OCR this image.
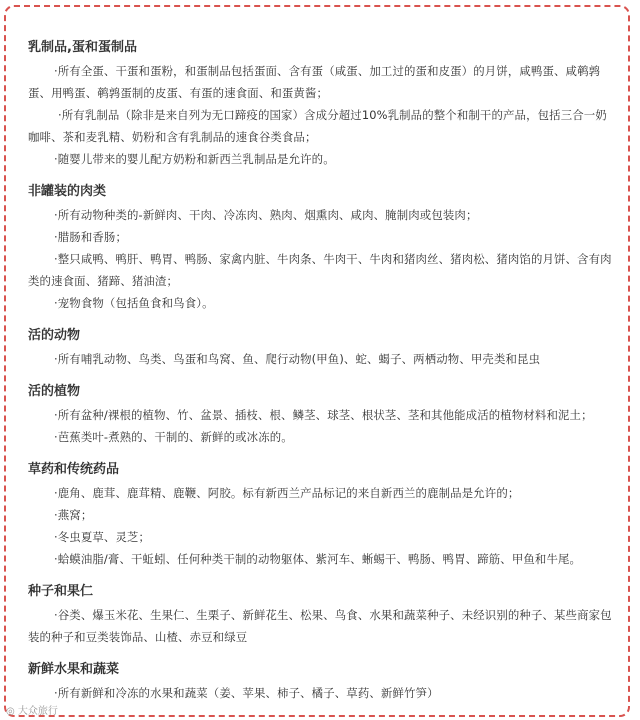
乳制品,蛋和蛋制品
·所有全蛋、干蛋和蛋粉，和蛋制品包括蛋面、含有蛋（咸蛋、加工过的蛋和皮蛋）的月饼，咸鸭蛋、咸鹌鹑蛋、用鸭蛋、鹌鹑蛋制的皮蛋、有蛋的速食面、和蛋黄酱；
·所有乳制品（除非是来自列为无口蹄疫的国家）含成分超过10%乳制品的整个和制干的产品，包括三合一奶咖啡、茶和麦乳精、奶粉和含有乳制品的速食谷类食品；
·随婴儿带来的婴儿配方奶粉和新西兰乳制品是允许的。
非罐装的肉类
·所有动物种类的-新鲜肉、干肉、冷冻肉、熟肉、烟熏肉、咸肉、腌制肉或包装肉；
·腊肠和香肠；
·整只咸鸭、鸭肝、鸭胃、鸭肠、家禽内脏、牛肉条、牛肉干、牛肉和猪肉丝、猪肉松、猪肉馅的月饼、含有肉类的速食面、猪蹄、猪油渣；
·宠物食物（包括鱼食和鸟食）。
活的动物
·所有哺乳动物、鸟类、鸟蛋和鸟窝、鱼、爬行动物(甲鱼)、蛇、蝎子、两栖动物、甲壳类和昆虫
活的植物
·所有盆种/裸根的植物、竹、盆景、插枝、根、鳞茎、球茎、根状茎、茎和其他能成活的植物材料和泥土；
·芭蕉类叶-煮熟的、干制的、新鲜的或冰冻的。
草药和传统药品
·鹿角、鹿茸、鹿茸精、鹿鞭、阿胶。标有新西兰产品标记的来自新西兰的鹿制品是允许的；
·燕窝；
·冬虫夏草、灵芝；
·蛤蟆油脂/膏、干蚯蚓、任何种类干制的动物躯体、紫河车、蜥蜴干、鸭肠、鸭胃、蹄筋、甲鱼和牛尾。
种子和果仁
·谷类、爆玉米花、生果仁、生栗子、新鲜花生、松果、鸟食、水果和蔬菜种子、未经识别的种子、某些商家包装的种子和豆类装饰品、山楂、赤豆和绿豆
新鲜水果和蔬菜
·所有新鲜和冷冻的水果和蔬菜（姜、苹果、柿子、橘子、草药、新鲜竹笋）
◎ 大众旅行
